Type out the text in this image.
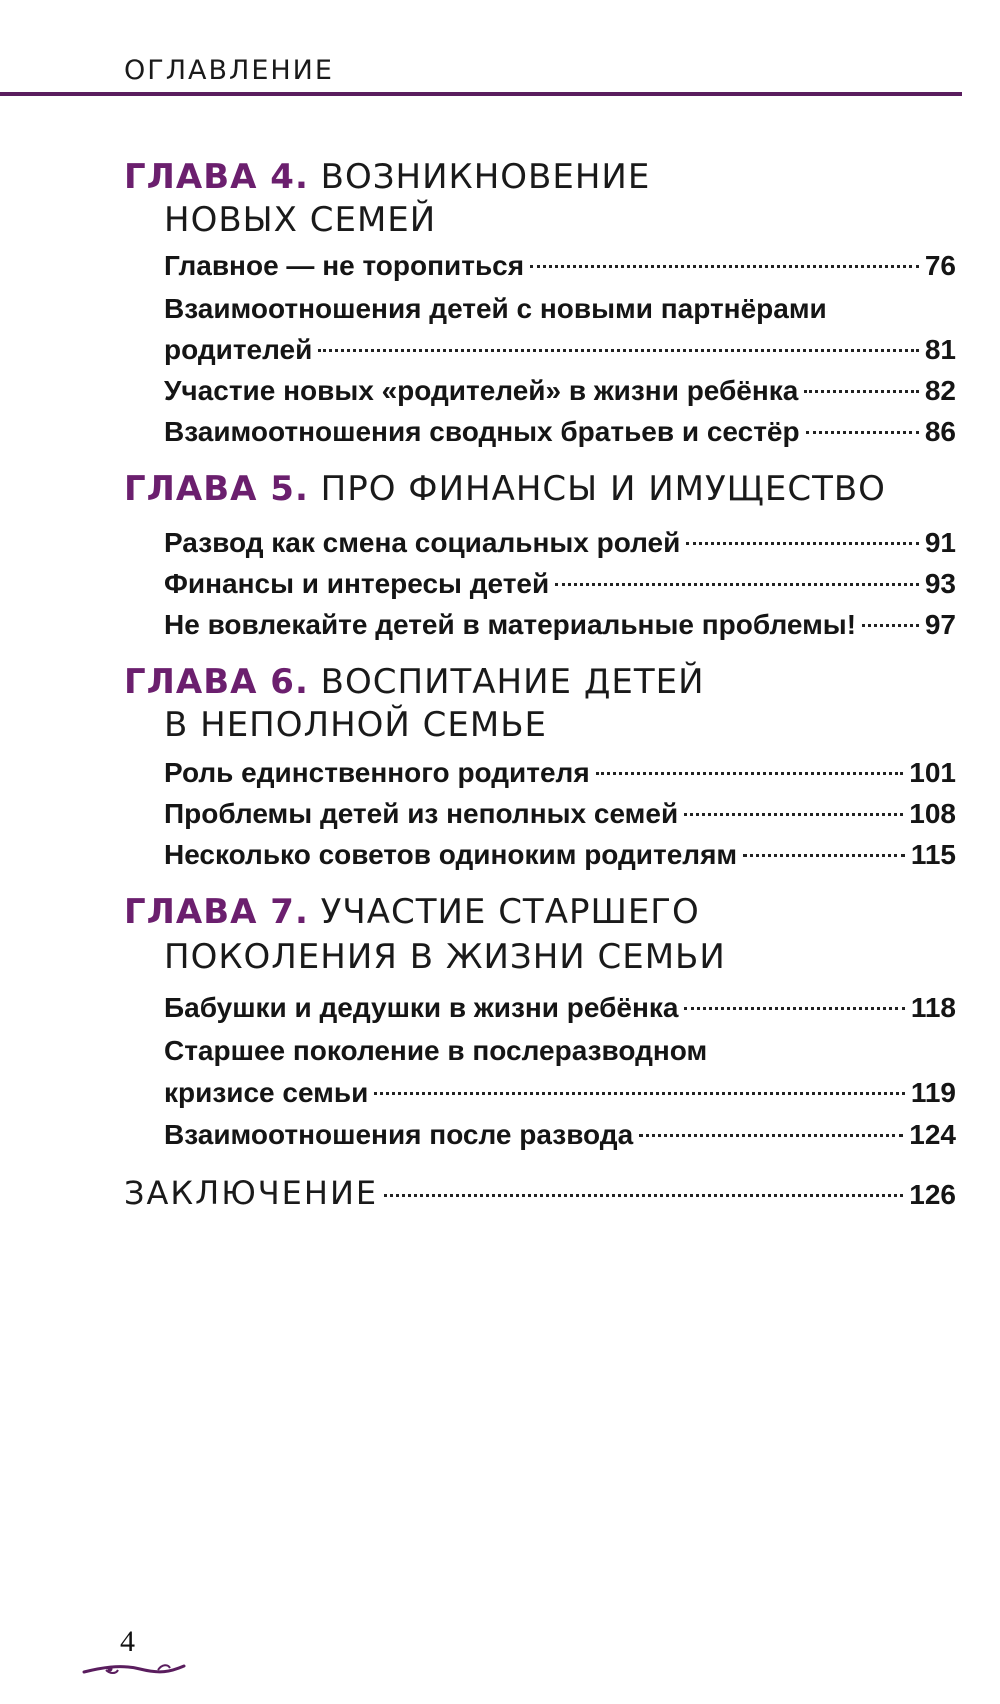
ОГЛАВЛЕНИЕ
ГЛАВА 4. ВОЗНИКНОВЕНИЕ
НОВЫХ СЕМЕЙ
Главное — не торопиться	76
Взаимоотношения детей с новыми партнёрами
родителей	81
Участие новых «родителей» в жизни ребёнка	82
Взаимоотношения сводных братьев и сестёр	86
ГЛАВА 5. ПРО ФИНАНСЫ И ИМУЩЕСТВО
Развод как смена социальных ролей	91
Финансы и интересы детей	93
Не вовлекайте детей в материальные проблемы! 97
ГЛАВА 6. ВОСПИТАНИЕ ДЕТЕЙ
В НЕПОЛНОЙ СЕМЬЕ
Роль единственного родителя	101
Проблемы детей из неполных семей	108
Несколько советов одиноким родителям	115
ГЛАВА 7. УЧАСТИЕ СТАРШЕГО
ПОКОЛЕНИЯ В ЖИЗНИ СЕМЬИ
Бабушки и дедушки в жизни ребёнка	118
Старшее поколение в послеразводном
кризисе семьи	119
Взаимоотношения после развода	124
ЗАКЛЮЧЕНИЕ	126
4
